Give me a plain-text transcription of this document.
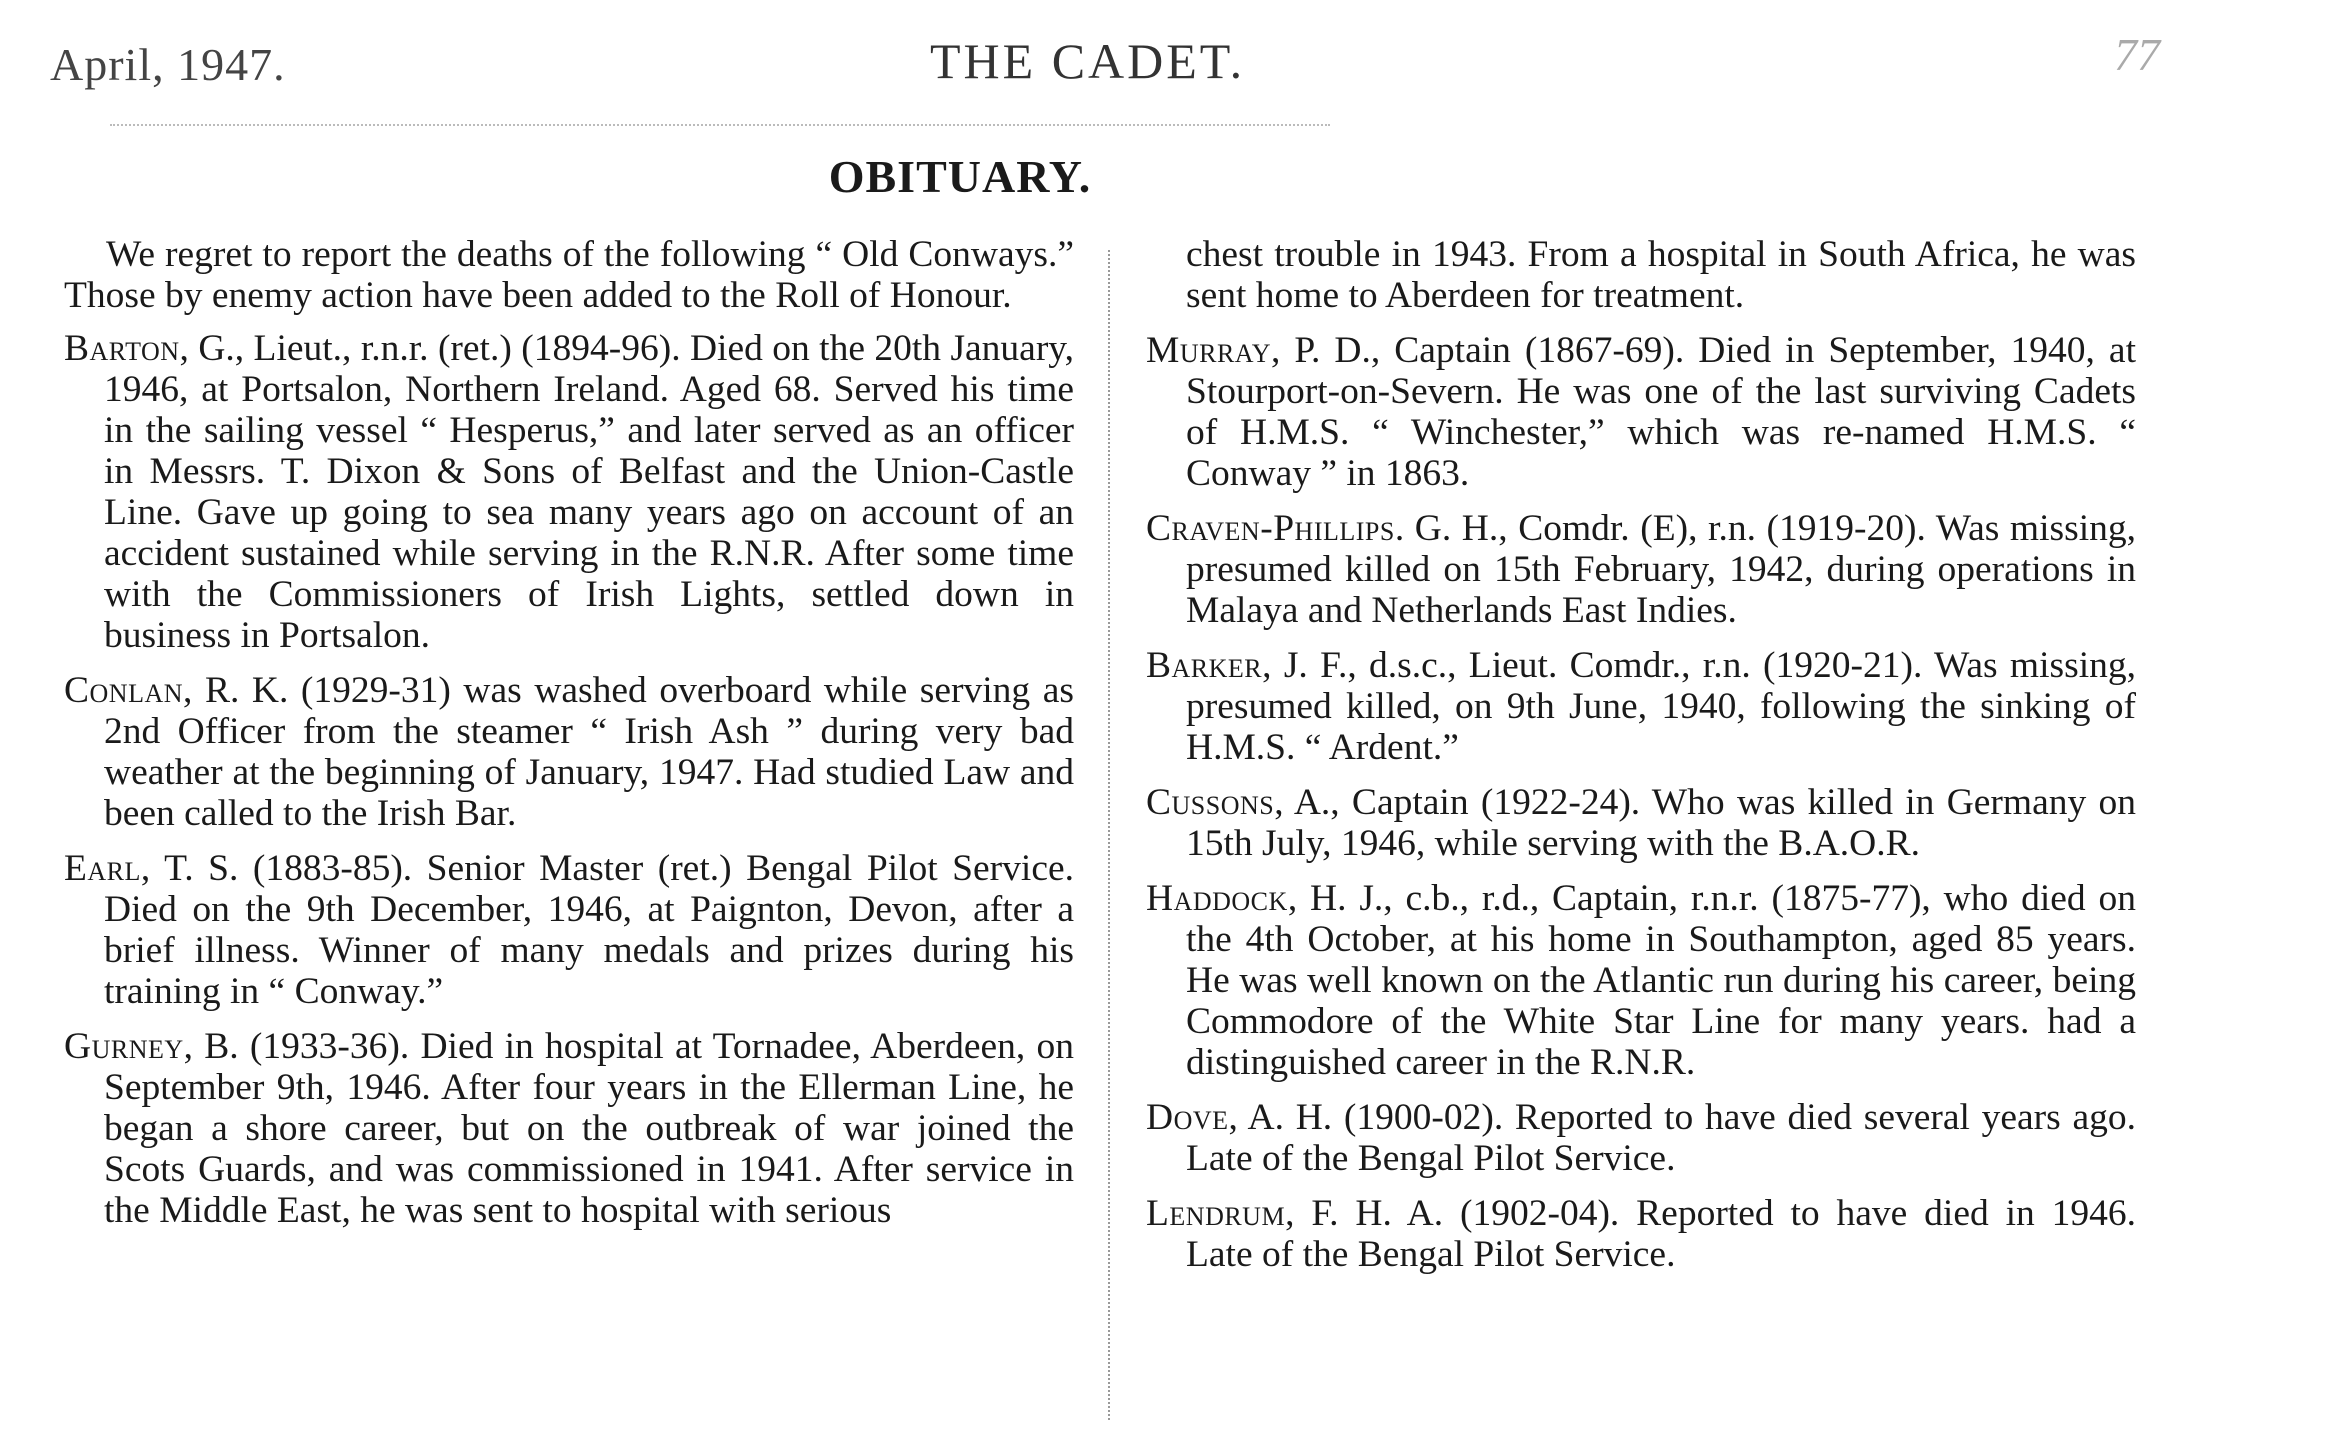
April, 1947.	THE CADET.	77
OBITUARY.

We regret to report the deaths of the following “ Old Conways.” Those by enemy action have been added to the Roll of Honour.

Barton, G., Lieut., r.n.r. (ret.) (1894-96). Died on the 20th January, 1946, at Portsalon, Northern Ireland. Aged 68. Served his time in the sailing vessel “ Hesperus,” and later served as an officer in Messrs. T. Dixon & Sons of Belfast and the Union-Castle Line. Gave up going to sea many years ago on account of an accident sustained while serving in the R.N.R. After some time with the Commissioners of Irish Lights, settled down in business in Portsalon.

Conlan, R. K. (1929-31) was washed overboard while serving as 2nd Officer from the steamer “ Irish Ash ” during very bad weather at the beginning of January, 1947. Had studied Law and been called to the Irish Bar.

Earl, T. S. (1883-85). Senior Master (ret.) Bengal Pilot Service. Died on the 9th December, 1946, at Paignton, Devon, after a brief illness. Winner of many medals and prizes during his training in “ Conway.”

Gurney, B. (1933-36). Died in hospital at Tornadee, Aberdeen, on September 9th, 1946. After four years in the Ellerman Line, he began a shore career, but on the outbreak of war joined the Scots Guards, and was commissioned in 1941. After service in the Middle East, he was sent to hospital with serious

chest trouble in 1943. From a hospital in South Africa, he was sent home to Aberdeen for treatment.

Murray, P. D., Captain (1867-69). Died in September, 1940, at Stourport-on-Severn. He was one of the last surviving Cadets of H.M.S. “ Winchester,” which was re-named H.M.S. “ Conway ” in 1863.

Craven-Phillips. G. H., Comdr. (E), r.n. (1919-20). Was missing, presumed killed on 15th February, 1942, during operations in Malaya and Netherlands East Indies.

Barker, J. F., d.s.c., Lieut. Comdr., r.n. (1920-21). Was missing, presumed killed, on 9th June, 1940, following the sinking of H.M.S. “ Ardent.”

Cussons, A., Captain (1922-24). Who was killed in Germany on 15th July, 1946, while serving with the B.A.O.R.

Haddock, H. J., c.b., r.d., Captain, r.n.r. (1875-77), who died on the 4th October, at his home in Southampton, aged 85 years. He was well known on the Atlantic run during his career, being Commodore of the White Star Line for many years. had a distinguished career in the R.N.R.

Dove, A. H. (1900-02). Reported to have died several years ago. Late of the Bengal Pilot Service.

Lendrum, F. H. A. (1902-04). Reported to have died in 1946. Late of the Bengal Pilot Service.
